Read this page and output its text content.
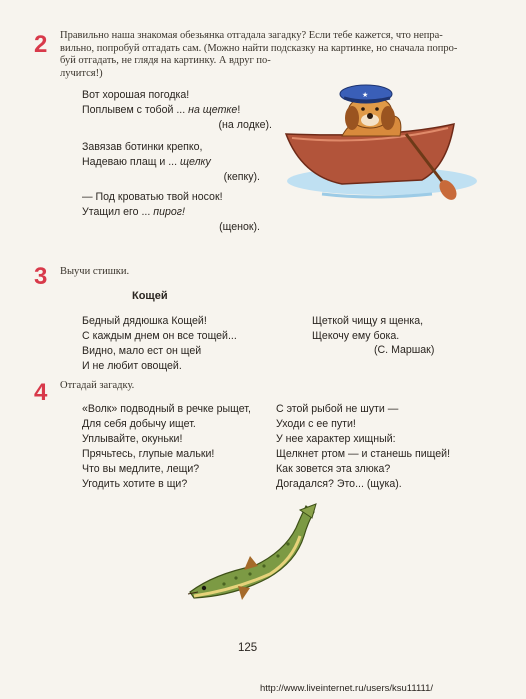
2 Правильно наша знакомая обезьянка отгадала загадку? Если тебе кажется, что непра-
вильно, попробуй отгадать сам. (Можно найти подсказку на картинке, но сначала попро-
буй отгадать, не глядя на картинку. А вдруг по-
лучится!)
Вот хорошая погодка!
Поплывем с тобой ... на щетке!
(на лодке).
Завязав ботинки крепко,
Надеваю плащ и ... щелку
(кепку).
— Под кроватью твой носок!
Утащил его ... пирог!
(щенок).
★
3 Выучи стишки.
Кощей
Бедный дядюшка Кощей!
С каждым днем он все тощей...
Видно, мало ест он щей
И не любит овощей.
Щеткой чищу я щенка,
Щекочу ему бока.
(С. Маршак)
4 Отгадай загадку.
«Волк» подводный в речке рыщет,
Для себя добычу ищет.
Уплывайте, окуньки!
Прячьтесь, глупые мальки!
Что вы медлите, лещи?
Угодить хотите в щи?
С этой рыбой не шути —
Уходи с ее пути!
У нее характер хищный:
Щелкнет ртом — и станешь пищей!
Как зовется эта злюка?
Догадался? Это... (щука).
125
http://www.liveinternet.ru/users/ksu11111/
